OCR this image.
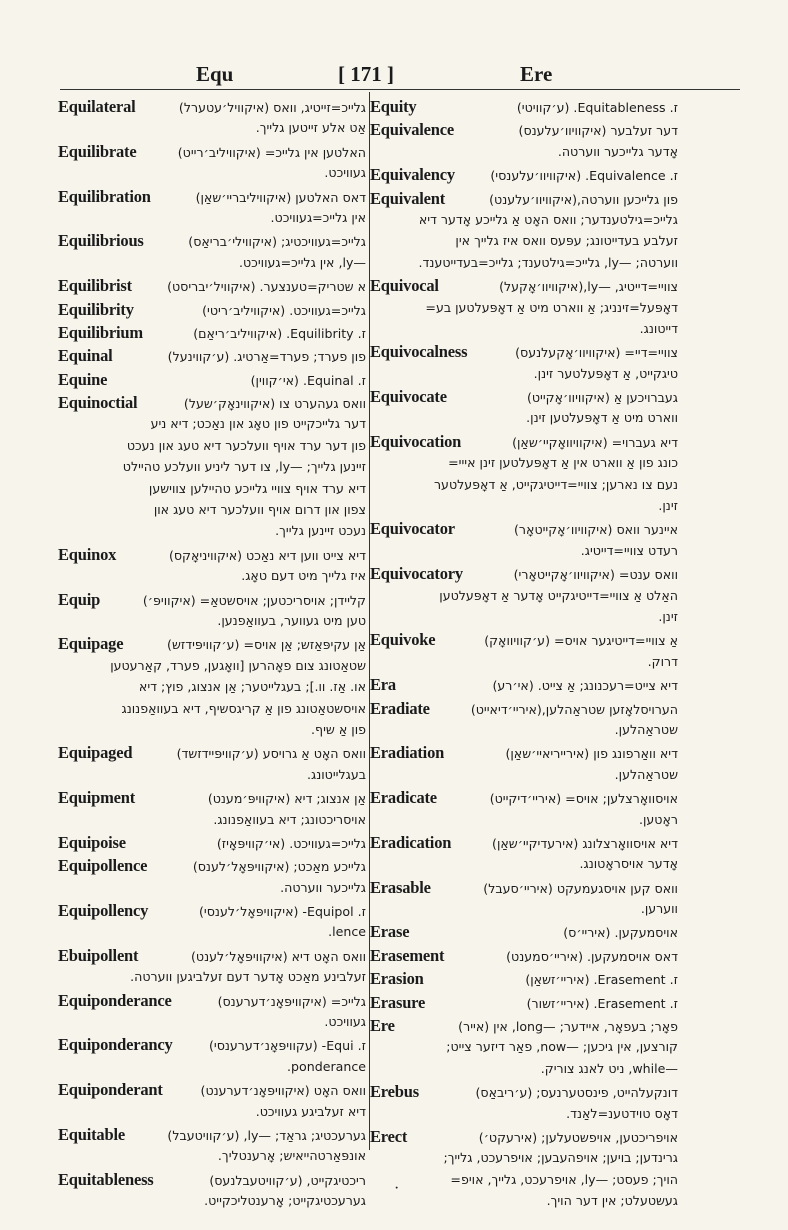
Equ	[ 171 ]	Ere
Equilateral	גלייכ=זייטיג, וואס (איקוויל׳עטערל)
אַט אלע זייטען גלייך.
Equilibrate	האלטען אין גלייכ= (איקוויליב׳רייט)
געוויכט.
Equilibration	דאס האלטען (איקוויליבריי׳שאַן)
אין גלייכ=געוויכט.
Equilibrious	גלייכ=געוויכטיג; (איקווילי׳בריאַס)
—ly, אין גלייכ=געוויכט.
Equilibrist	א שטריק=טענצער. (איקוויל׳יבריסט)
Equilibrity	גלייכ=געוויכט. (איקוויליב׳ריטי)
Equilibrium	ז. Equilibrity. (איקוויליב׳ריאַם)
Equinal	פון פערד; פערד=אַרטיג. (ע׳קווינעל)
Equine	ז. Equinal. (אי׳קווין)
Equinoctial	וואס געהערט צו (איקווינאָק׳שעל)
דער גלייכקייט פון טאָג און נאַכט; דיא ניע
פון דער ערד אויף וועלכער דיא טעג און נעכט
זיינען גלייך; —ly, צו דער ליניע וועלכע טהיילט
דיא ערד אויף צוויי גלייכע טהיילען צווישען
צפון און דרום אויף וועלכער דיא טעג און
נעכט זיינען גלייך.
Equinox	דיא צייט ווען דיא נאַכט (איקוויניאָקס)
איז גלייך מיט דעם טאָג.
Equip	קליידן; אויסריכטען; אויסשטאַ= (איקוויפּ׳)
טען מיט געווער, בעוואַפנען.
Equipage	אַן עקיפּאַזש; אַן אויס= (ע׳קוויפּידזש)
שטאַטונג צום פאָהרען [וואָגען, פערד, קאַרעטען
או. אַז. וו.]; בעגלייטער; אַן אנצוג, פוץ; דיא
אויסשטאַטונג פון אַ קריגסשיף, דיא בעוואַפנונג
פון אַ שיף.
Equipaged	וואס האָט אַ גרויסע (ע׳קוויפּיידזשד)
בעגלייטונג.
Equipment	אַן אנצוג; דיא (איקוויפּ׳מענט)
אויסריכטונג; דיא בעוואַפנונג.
Equipoise	גלייכ=געוויכט. (אי׳קוויפּאָיז)
Equipollence	גלייכע מאַכט; (איקוויפּאָל׳לענס)
גלייכער ווערטה.
Equipollency	ז. Equipol- (איקוויפּאָל׳לענסי)
lence.
Ebuipollent	וואס האָט דיא (איקוויפּאָל׳לענט)
זעלבינע מאַכט אָדער דעם זעלביגען ווערטה.
Equiponderance	גלייכ= (איקוויפּאָנ׳דערענס)
געוויכט.
Equiponderancy	ז. Equi- (עקוויפּאָנ׳דערענסי)
ponderance.
Equiponderant	וואס האָט (איקוויפּאָנ׳דערענט)
דיא זעלביגע געוויכט.
Equitable	גערעכטיג; גראַד; —ly, (ע׳קוויטעבל)
אונפּאַרטהייאיש; אָרענטליך.
Equitableness	ריכטיגקייט, (ע׳קוויטעבלנעס)
גערעכטיגקייט; אָרענטליכקייט.
Equity	ז. Equitableness. (ע׳קוויטי)
Equivalence	דער זעלבער (איקוויוו׳עלענס)
אָדער גלייכער ווערטה.
Equivalency	ז. Equivalence. (איקוויוו׳עלענסי)
Equivalent	פון גלייכען ווערטה,(איקוויוו׳עלענט)
גלייכ=גילטענדער; וואס האָט אַ גלייכע אָדער דיא
זעלבע בעדייטונג; עפּעס וואס איז גלייך אין
ווערטה; —ly, גלייכ=גילטענד; גלייכ=בעדייטענד.
Equivocal	צוויי=דייטיג, —ly,(איקוויוו׳אָקעל)
דאָפּעל=זינניג; אַ ווארט מיט אַ דאָפּעלטען בע=
דייטונג.
Equivocalness	צוויי=דיי= (איקוויוו׳אָקעלנעס)
טיגקייט, אַ דאָפּעלטער זינן.
Equivocate	געברויכען אַ (איקוויוו׳אָקייט)
ווארט מיט אַ דאָפּעלטען זינן.
Equivocation	דיא געברוי= (איקוויוואָקיי׳שאַן)
כונג פון אַ ווארט אין אַ דאָפּעלטען זינן אייי=
נעם צו נארען; צוויי=דייטיגקייט, אַ דאָפּעלטער
זינן.
Equivocator	איינער וואס (איקוויוו׳אָקייטאָר)
רעדט צוויי=דייטיג.
Equivocatory	וואס ענט= (איקוויוו׳אָקייטאָרי)
האַלט אַ צוויי=דייטיגקייט אָדער אַ דאָפּעלטען
זינן.
Equivoke	אַ צוויי=דייטיגער אויס= (ע׳קוויוואָק)
דרוק.
Era	דיא צייט=רעכנונג; אַ צייט. (אי׳רע)
Eradiate	הערויסלאָזען שטראַהלען,(איריי׳דיאייט)
שטראַהלען.
Eradiation	דיא וואַרפונג פון (אירייריאיי׳שאַן)
שטראַהלען.
Eradicate	אויסוואָרצלען; אויס= (איריי׳דיקייט)
ראָטען.
Eradication	דיא אויסוואָרצלונג (אירעדיקיי׳שאַן)
אָדער אויסראָטונג.
Erasable	וואס קען אויסגעמעקט (איריי׳סעבל)
ווערען.
Erase	אויסמעקען. (איריי׳ס)
Erasement	דאס אויסמעקען. (איריי׳סמענט)
Erasion	ז. Erasement. (איריי׳זשאַן)
Erasure	ז. Erasement. (איריי׳זשור)
Ere	פאָר; בעפאָר, איידער; —long, אין (אייר)
קורצען, אין גיכען; —now, פאַר דיזער צייט;
—while, ניט לאנג צוריק.
Erebus	דונקעלהייט, פינסטערנעס; (ע׳ריבאַס)
דאָס טוידטענ=לאַנד.
Erect	אויפריכטען, אויפשטעלען; (אירעקט׳)
גרינדען; בויען; אויפהעבען; אויפרעכט, גלייך;
הויך; פעסט; —ly, אויפרעכט, גלייך, אויפ=
געשטעלט; אין דער הויך.
·
